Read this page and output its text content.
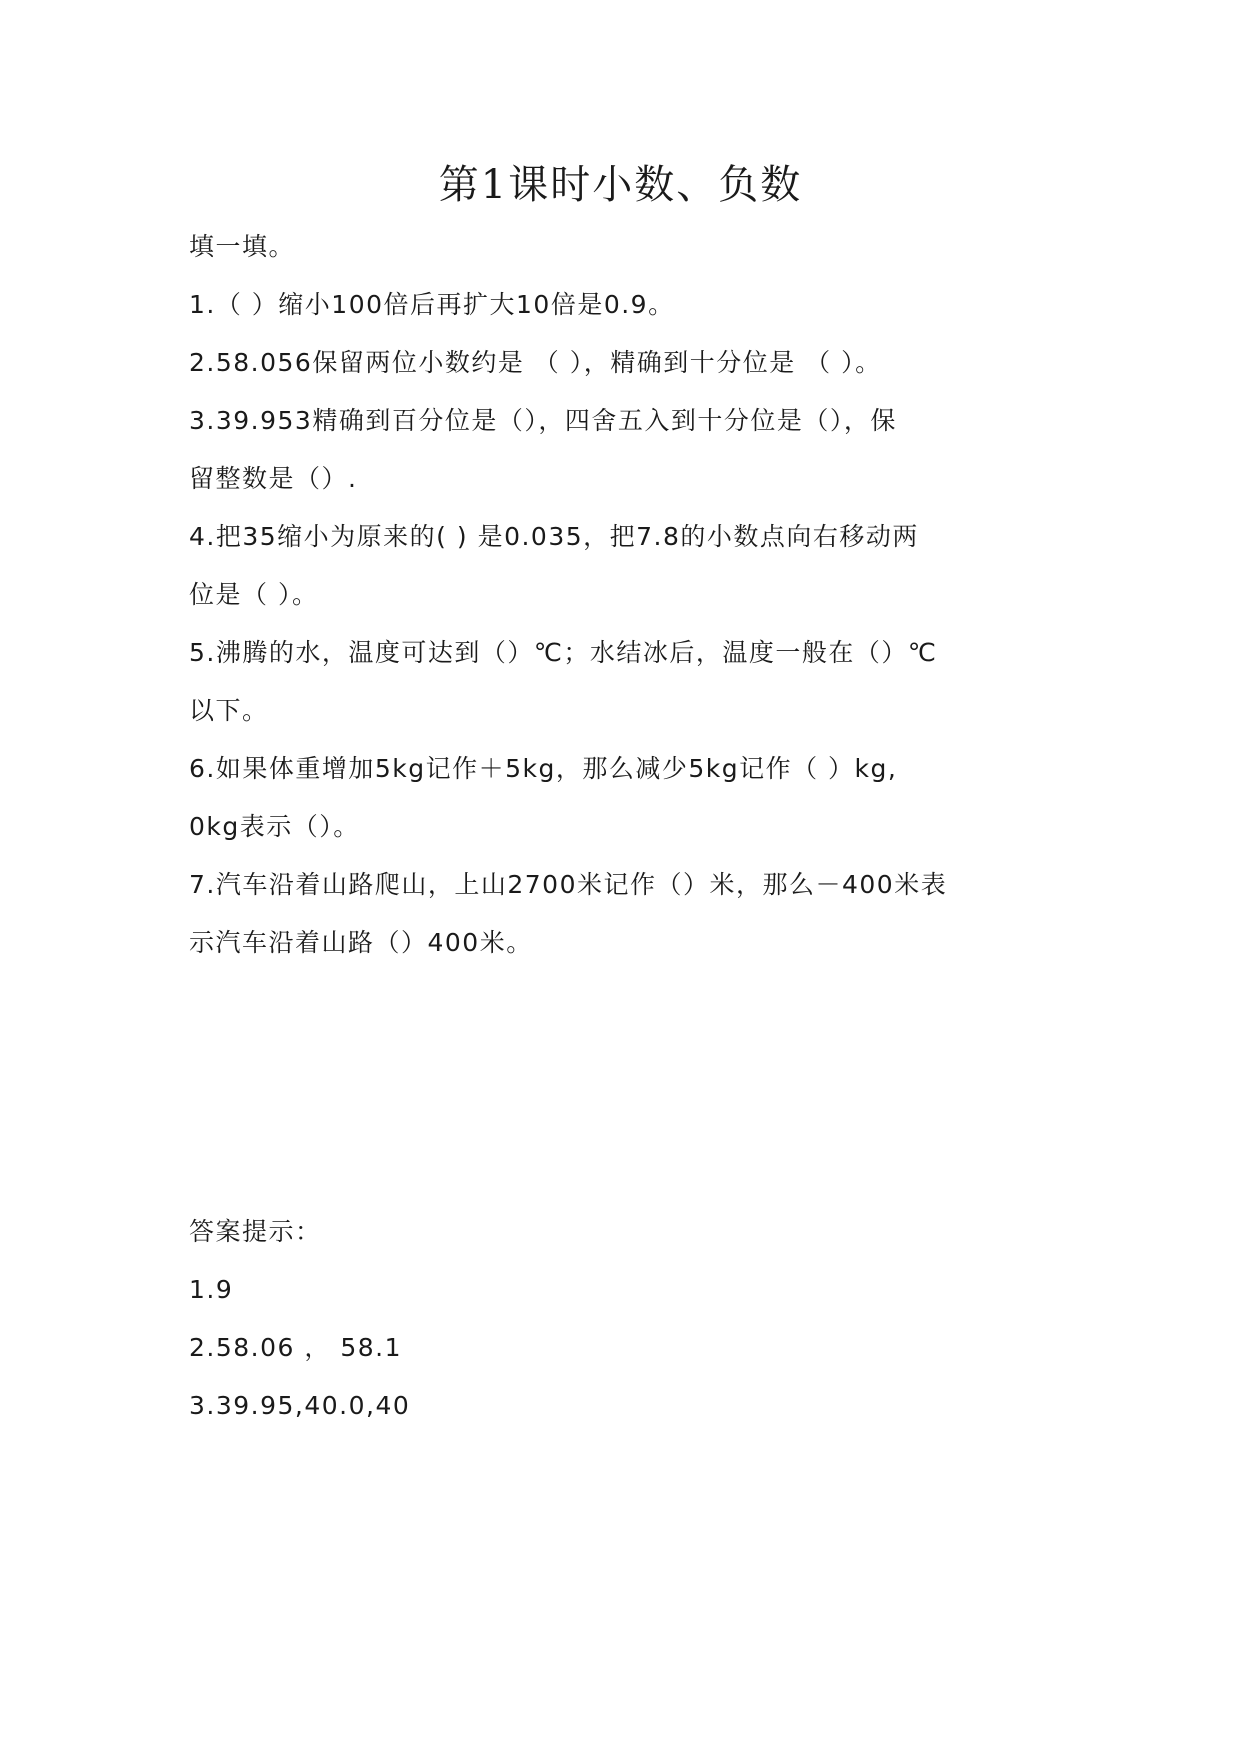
第1课时小数、负数
填一填。
1.（ ）缩小100倍后再扩大10倍是0.9。
2.58.056保留两位小数约是 （ ），精确到十分位是 （ ）。
3.39.953精确到百分位是（），四舍五入到十分位是（），保
留整数是（）.
4.把35缩小为原来的( ) 是0.035，把7.8的小数点向右移动两
位是（ ）。
5.沸腾的水，温度可达到（）℃；水结冰后，温度一般在（）℃
以下。
6.如果体重增加5kg记作＋5kg，那么减少5kg记作（ ）kg,
0kg表示（）。
7.汽车沿着山路爬山，上山2700米记作（）米，那么－400米表
示汽车沿着山路（）400米。
答案提示：
1.9
2.58.06 ， 58.1
3.39.95,40.0,40
